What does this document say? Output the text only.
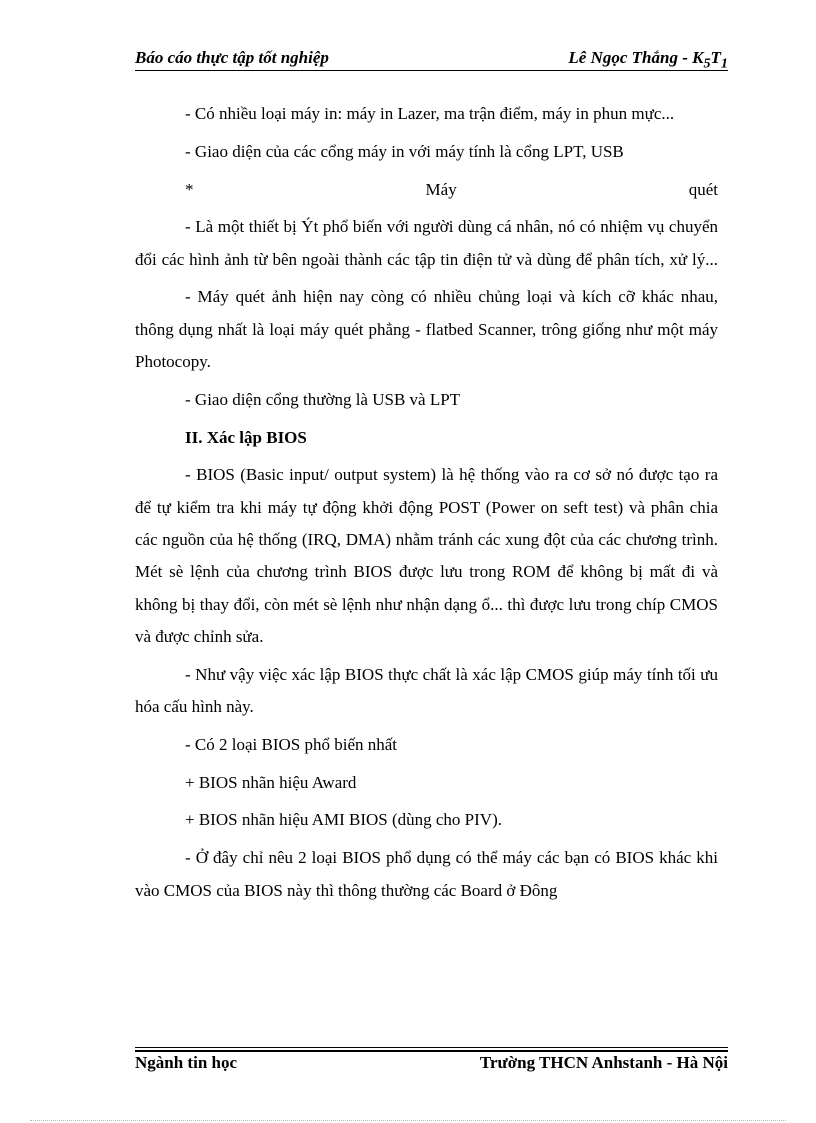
Báo cáo thực tập tốt nghiệp	Lê Ngọc Thắng - $K_5T_1$

- Có nhiều loại máy in: máy in Lazer, ma trận điểm, máy in phun mực...

- Giao diện của các cổng máy in với máy tính là cổng LPT, USB

* Máy quét

- Là một thiết bị Ýt phổ biến với người dùng cá nhân, nó có nhiệm vụ chuyển đổi các hình ảnh từ bên ngoài thành các tập tin điện tử và dùng để phân tích, xử lý...

- Máy quét ảnh hiện nay còng có nhiều chủng loại và kích cỡ khác nhau, thông dụng nhất là loại máy quét phẳng - flatbed Scanner, trông giống như một máy Photocopy.

- Giao diện cổng thường là USB và LPT

II. Xác lập BIOS

- BIOS (Basic input/ output system) là hệ thống vào ra cơ sở nó được tạo ra để tự kiểm tra khi máy tự động khởi động POST (Power on seft test) và phân chia các nguồn của hệ thống (IRQ, DMA) nhằm tránh các xung đột của các chương trình. Mét sè lệnh của chương trình BIOS được lưu trong ROM để không bị mất đi và không bị thay đổi, còn mét sè lệnh như nhận dạng ổ... thì được lưu trong chíp CMOS và được chỉnh sửa.

- Như vậy việc xác lập BIOS thực chất là xác lập CMOS giúp máy tính tối ưu hóa cấu hình này.

- Có 2 loại BIOS phổ biến nhất

+ BIOS nhãn hiệu Award

+ BIOS nhãn hiệu AMI BIOS (dùng cho PIV).

- Ở đây chỉ nêu 2 loại BIOS phổ dụng có thể máy các bạn có BIOS khác khi vào CMOS của BIOS này thì thông thường các Board ở Đông

Ngành tin học	Trường THCN Anhstanh - Hà Nội
